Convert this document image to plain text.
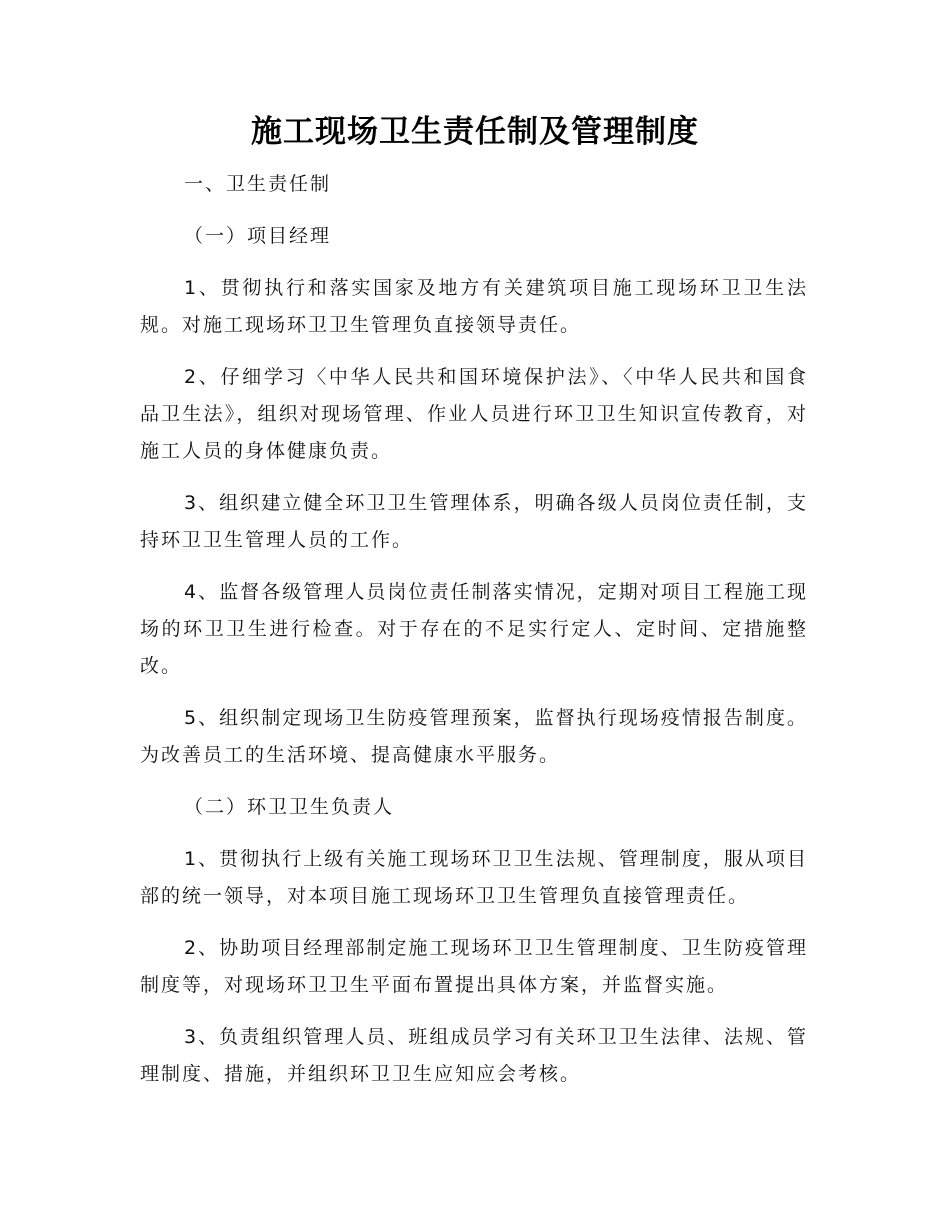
施工现场卫生责任制及管理制度

一、卫生责任制

（一）项目经理

1、贯彻执行和落实国家及地方有关建筑项目施工现场环卫卫生法规。对施工现场环卫卫生管理负直接领导责任。

2、仔细学习〈中华人民共和国环境保护法》、〈中华人民共和国食品卫生法》，组织对现场管理、作业人员进行环卫卫生知识宣传教育，对施工人员的身体健康负责。

3、组织建立健全环卫卫生管理体系，明确各级人员岗位责任制，支持环卫卫生管理人员的工作。

4、监督各级管理人员岗位责任制落实情况，定期对项目工程施工现场的环卫卫生进行检查。对于存在的不足实行定人、定时间、定措施整改。

5、组织制定现场卫生防疫管理预案，监督执行现场疫情报告制度。为改善员工的生活环境、提高健康水平服务。

（二）环卫卫生负责人

1、贯彻执行上级有关施工现场环卫卫生法规、管理制度，服从项目部的统一领导，对本项目施工现场环卫卫生管理负直接管理责任。

2、协助项目经理部制定施工现场环卫卫生管理制度、卫生防疫管理制度等，对现场环卫卫生平面布置提出具体方案，并监督实施。

3、负责组织管理人员、班组成员学习有关环卫卫生法律、法规、管理制度、措施，并组织环卫卫生应知应会考核。
